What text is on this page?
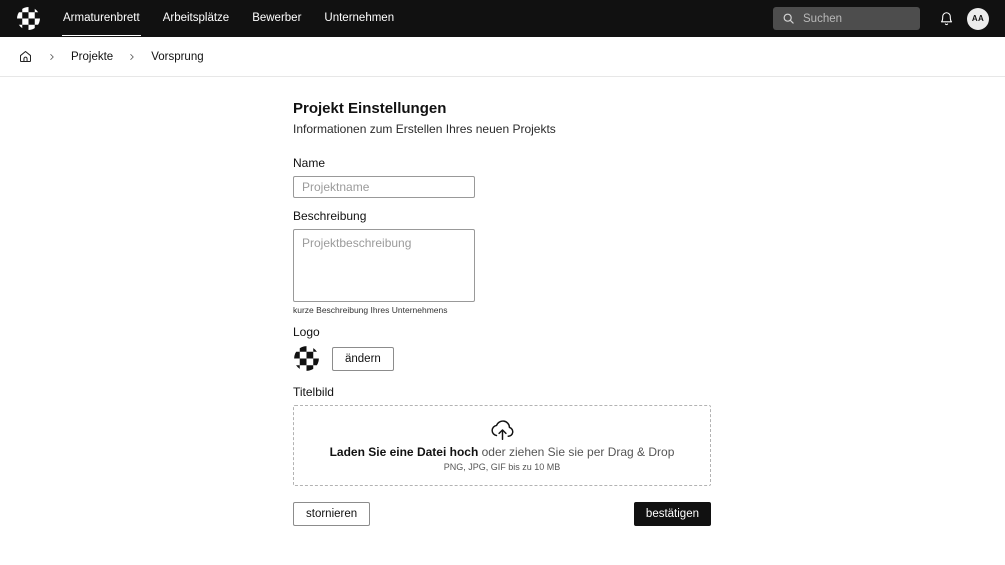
Armaturenbrett Arbeitsplätze Bewerber Unternehmen	Suchen	AA
Projekte	Vorsprung
Projekt Einstellungen
Informationen zum Erstellen Ihres neuen Projekts
Name
Projektname
Beschreibung
Projektbeschreibung
kurze Beschreibung Ihres Unternehmens
Logo
ändern
Titelbild
Laden Sie eine Datei hoch oder ziehen Sie sie per Drag & Drop
PNG, JPG, GIF bis zu 10 MB
stornieren	bestätigen
